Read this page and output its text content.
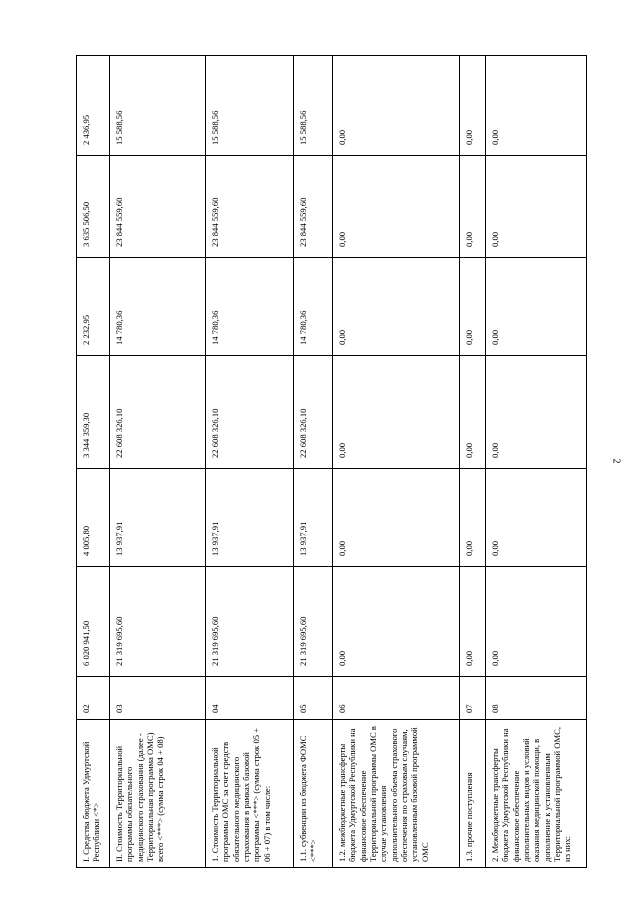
2
I. Средства бюджета Удмуртской Республики <*>	02	6 020 941,50	4 005,80	3 344 359,30	2 232,95	3 635 506,50	2 436,95
II. Стоимость Территориальной программы обязательного медицинского страхования (далее - Территориальная программа ОМС) всего <***> (сумма строк 04 + 08)	03	21 319 695,60	13 937,91	22 608 326,10	14 780,36	23 844 559,60	15 588,56
1. Стоимость Территориальной программы ОМС за счет средств обязательного медицинского страхования в рамках базовой программы <***> (сумма строк 05 + 06 + 07) в том числе:	04	21 319 695,60	13 937,91	22 608 326,10	14 780,36	23 844 559,60	15 588,56
1.1. субвенции из бюджета ФОМС <***>	05	21 319 695,60	13 937,91	22 608 326,10	14 780,36	23 844 559,60	15 588,56
1.2. межбюджетные трансферты бюджета Удмуртской Республики на финансовое обеспечение Территориальной программы ОМС в случае установления дополнительного объема страхового обеспечения по страховым случаям, установленным базовой программой ОМС	06	0,00	0,00	0,00	0,00	0,00	0,00
1.3. прочие поступления	07	0,00	0,00	0,00	0,00	0,00	0,00
2. Межбюджетные трансферты бюджета Удмуртской Республики на финансовое обеспечение дополнительных видов и условий оказания медицинской помощи, в дополнение к установленным Территориальной программой ОМС, из них:	08	0,00	0,00	0,00	0,00	0,00	0,00
